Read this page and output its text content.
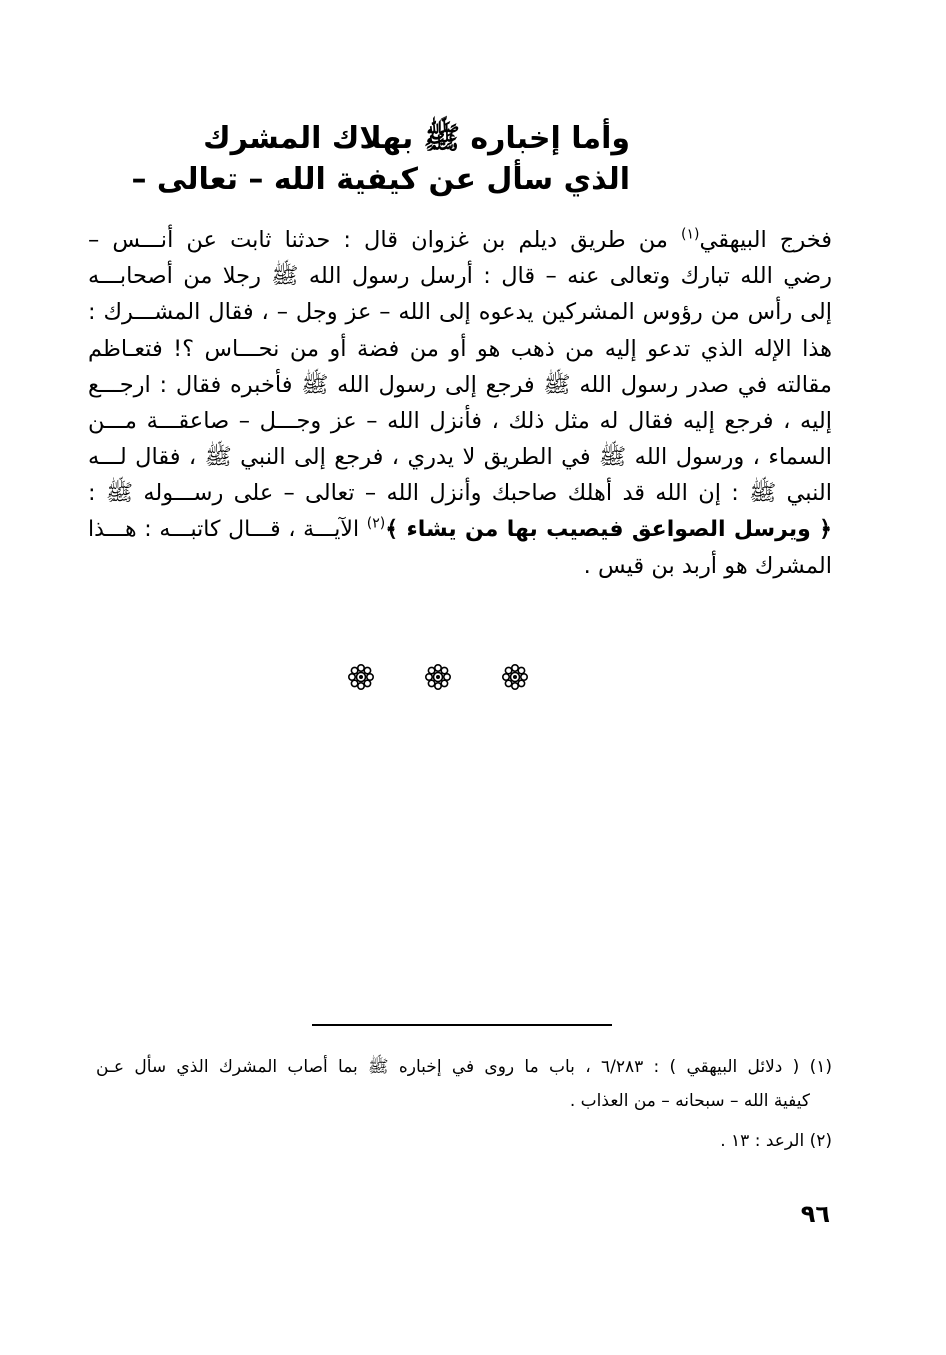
وأما إخباره ﷺ بهلاك المشرك
الذي سأل عن كيفية الله – تعالى –
فخرج البيهقي$^{(١)}$ من طريق ديلم بن غزوان قال : حدثنا ثابت عن أنـــس –
رضي الله تبارك وتعالى عنه – قال : أرسل رسول الله ﷺ رجلا من أصحابـــه
إلى رأس من رؤوس المشركين يدعوه إلى الله – عز وجل – ، فقال المشـــرك :
هذا الإله الذي تدعو إليه من ذهب هو أو من فضة أو من نحـــاس ؟! فتعـاظم
مقالته في صدر رسول الله ﷺ فرجع إلى رسول الله ﷺ فأخبره فقال : ارجـــع
إليه ، فرجع إليه فقال له مثل ذلك ، فأنزل الله – عز وجـــل – صاعقـــة مـــن
السماء ، ورسول الله ﷺ في الطريق لا يدري ، فرجع إلى النبي ﷺ ، فقال لـــه
النبي ﷺ : إن الله قد أهلك صاحبك وأنزل الله – تعالى – على رســـوله ﷺ :
﴿ ويرسل الصواعق فيصيب بها من يشاء ﴾$^{(٢)}$ الآيـــة ، قـــال كاتبـــه : هـــذا
المشرك هو أربد بن قيس .
(١) ( دلائل البيهقي ) : ٦/٢٨٣ ، باب ما روى في إخباره ﷺ بما أصاب المشرك الذي سأل عـن
كيفية الله – سبحانه – من العذاب .
(٢) الرعد : ١٣ .
٩٦
